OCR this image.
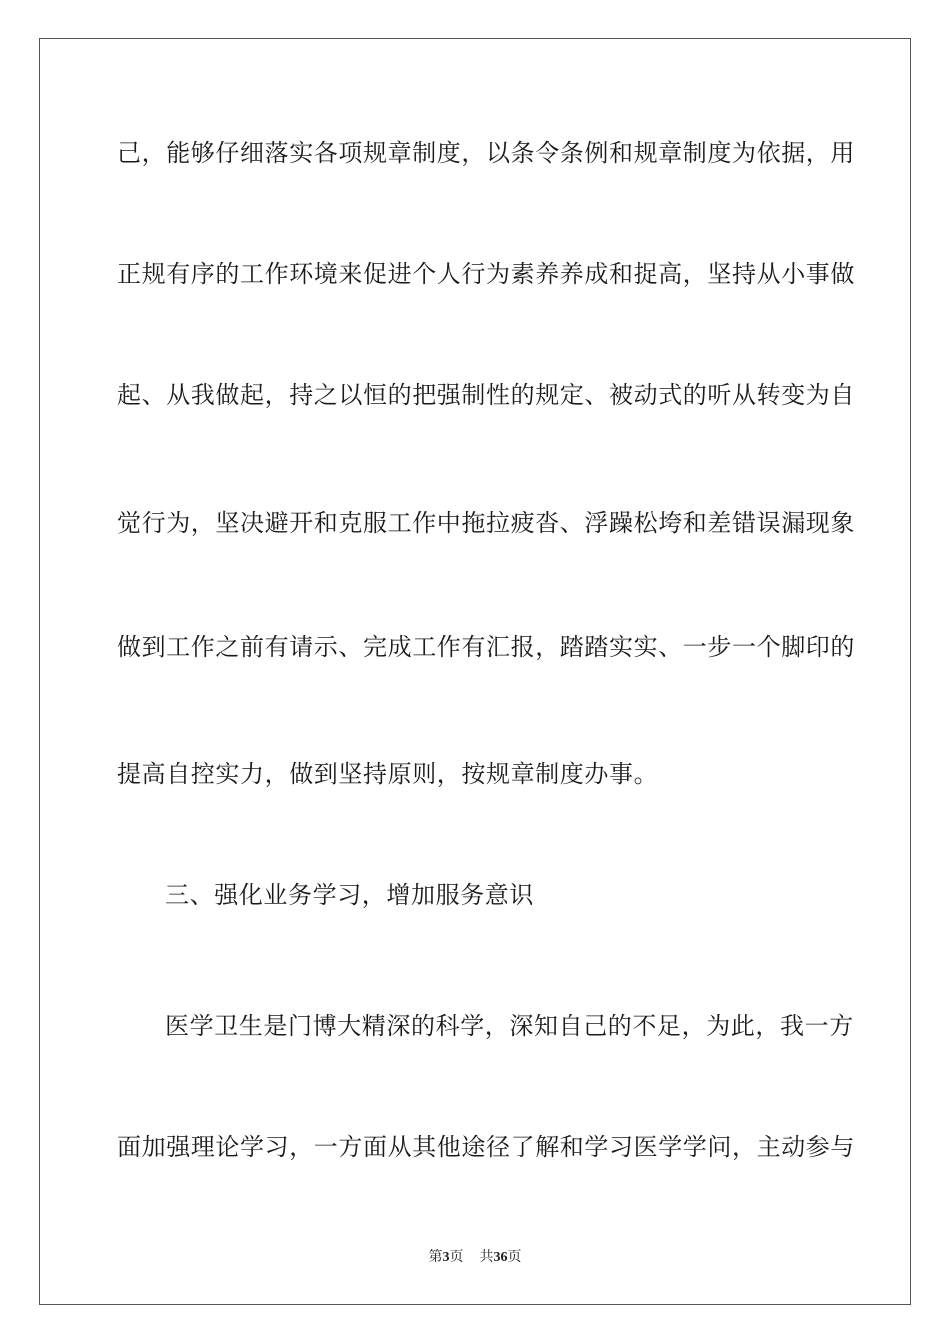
己，能够仔细落实各项规章制度，以条令条例和规章制度为依据，用
正规有序的工作环境来促进个人行为素养养成和捉高，坚持从小事做
起、从我做起，持之以恒的把强制性的规定、被动式的听从转变为自
觉行为，坚决避开和克服工作中拖拉疲沓、浮躁松垮和差错误漏现象
做到工作之前有请示、完成工作有汇报，踏踏实实、一步一个脚印的
提高自控实力，做到坚持原则，按规章制度办事。
三、强化业务学习，增加服务意识
医学卫生是门博大精深的科学，深知自己的不足，为此，我一方
面加强理论学习，一方面从其他途径了解和学习医学学问，主动参与
第3页 共36页
